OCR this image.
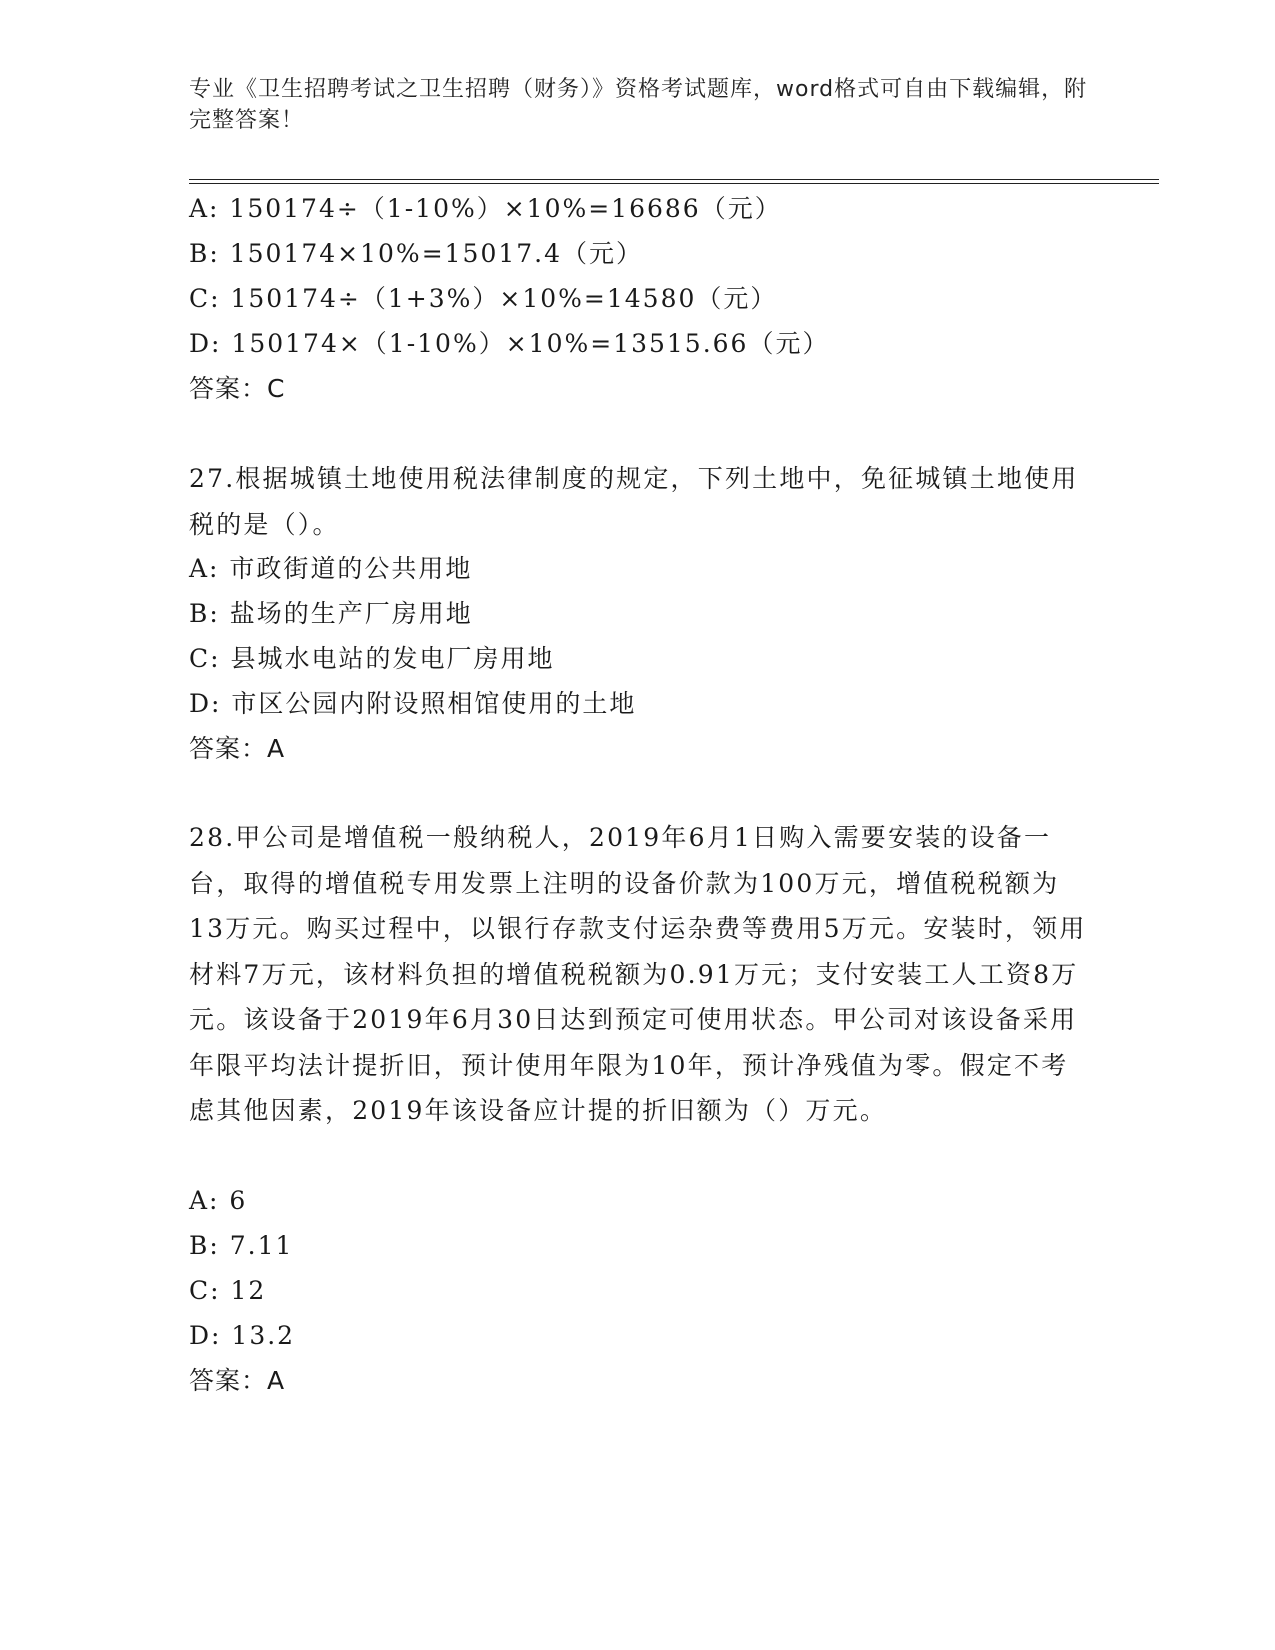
专业《卫生招聘考试之卫生招聘（财务）》资格考试题库，word格式可自由下载编辑，附完整答案！
A: 150174÷（1-10%）×10%=16686（元）
B: 150174×10%=15017.4（元）
C: 150174÷（1+3%）×10%=14580（元）
D: 150174×（1-10%）×10%=13515.66（元）
答案：C
27.根据城镇土地使用税法律制度的规定，下列土地中，免征城镇土地使用税的是（）。
A: 市政街道的公共用地
B: 盐场的生产厂房用地
C: 县城水电站的发电厂房用地
D: 市区公园内附设照相馆使用的土地
答案：A
28.甲公司是增值税一般纳税人，2019年6月1日购入需要安装的设备一台，取得的增值税专用发票上注明的设备价款为100万元，增值税税额为13万元。购买过程中，以银行存款支付运杂费等费用5万元。安装时，领用材料7万元，该材料负担的增值税税额为0.91万元；支付安装工人工资8万元。该设备于2019年6月30日达到预定可使用状态。甲公司对该设备采用年限平均法计提折旧，预计使用年限为10年，预计净残值为零。假定不考虑其他因素，2019年该设备应计提的折旧额为（）万元。
A: 6
B: 7.11
C: 12
D: 13.2
答案：A
